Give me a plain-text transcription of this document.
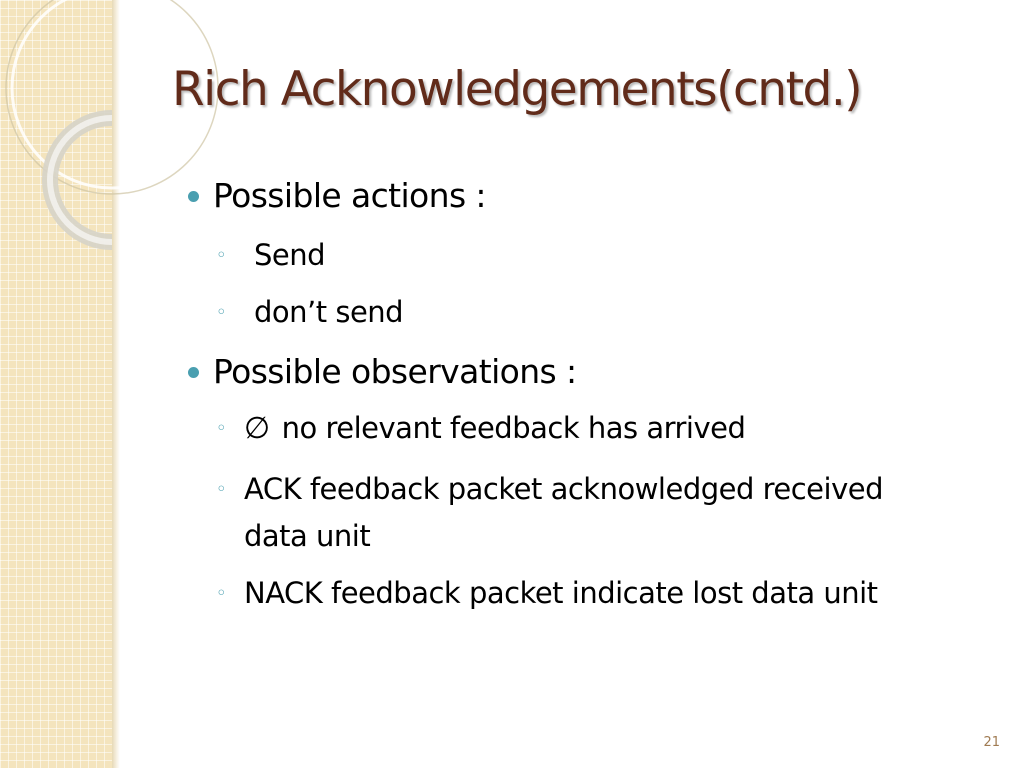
Rich Acknowledgements(cntd.)
Possible actions :
◦ Send
◦ don’t send
Possible observations :
◦ ∅ no relevant feedback has arrived
◦ ACK feedback packet acknowledged received
data unit
◦ NACK feedback packet indicate lost data unit
21
